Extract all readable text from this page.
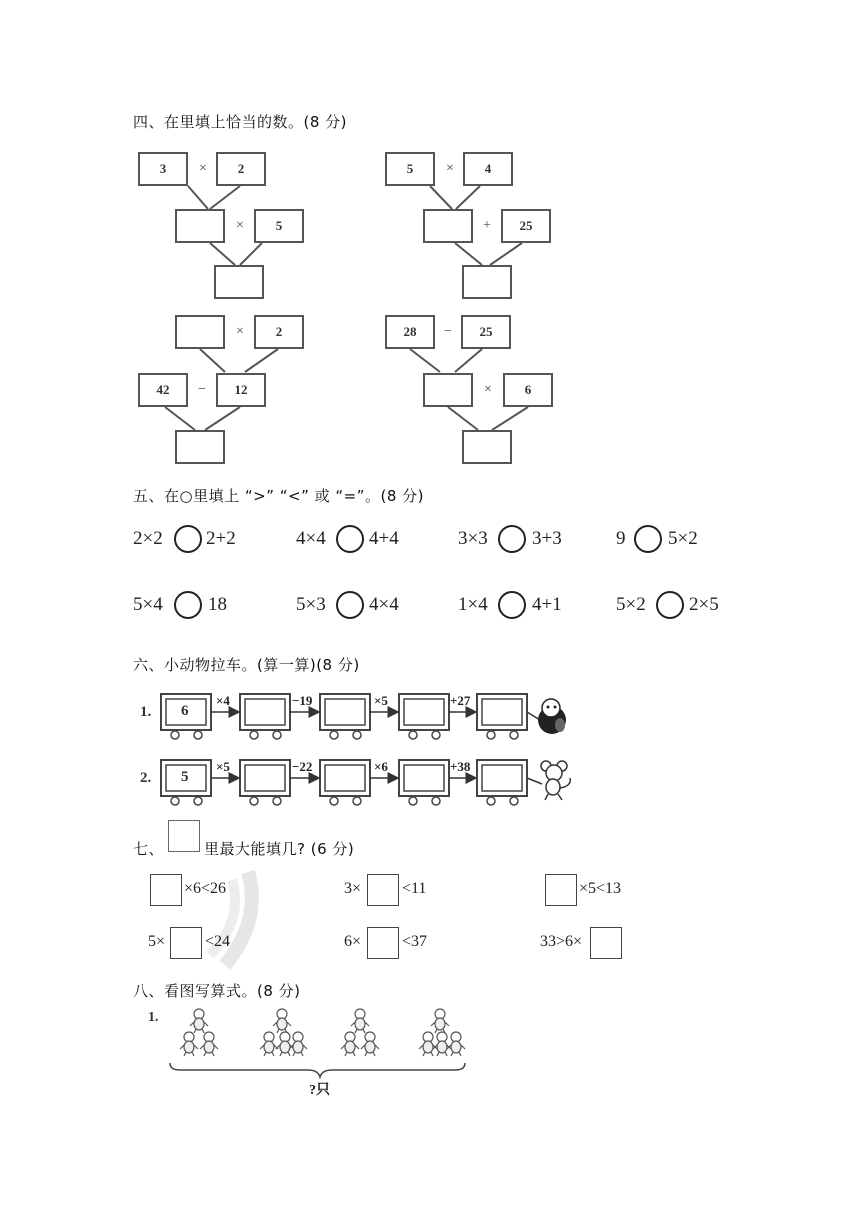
四、在里填上恰当的数。(8 分)
3	×	2
×	5
5	×	4
+	25
×	2
42	−	12
28	−	25
×	6
五、在○里填上 “>” “<” 或 “=”。(8 分)
2×2 2+2	4×4 4+4	3×3 3+3	9 5×2
5×4 18	5×3 4×4	1×4 4+1	5×2 2×5
六、小动物拉车。(算一算)(8 分)
1. 6
×4	−19	×5	+27
2. 5
×5	−22	×6	+38
七、	里最大能填几? (6 分)
×6<26	3×	<11	×5<13
5× <24	6×	<37	33>6×
八、看图写算式。(8 分)
1.
?只
